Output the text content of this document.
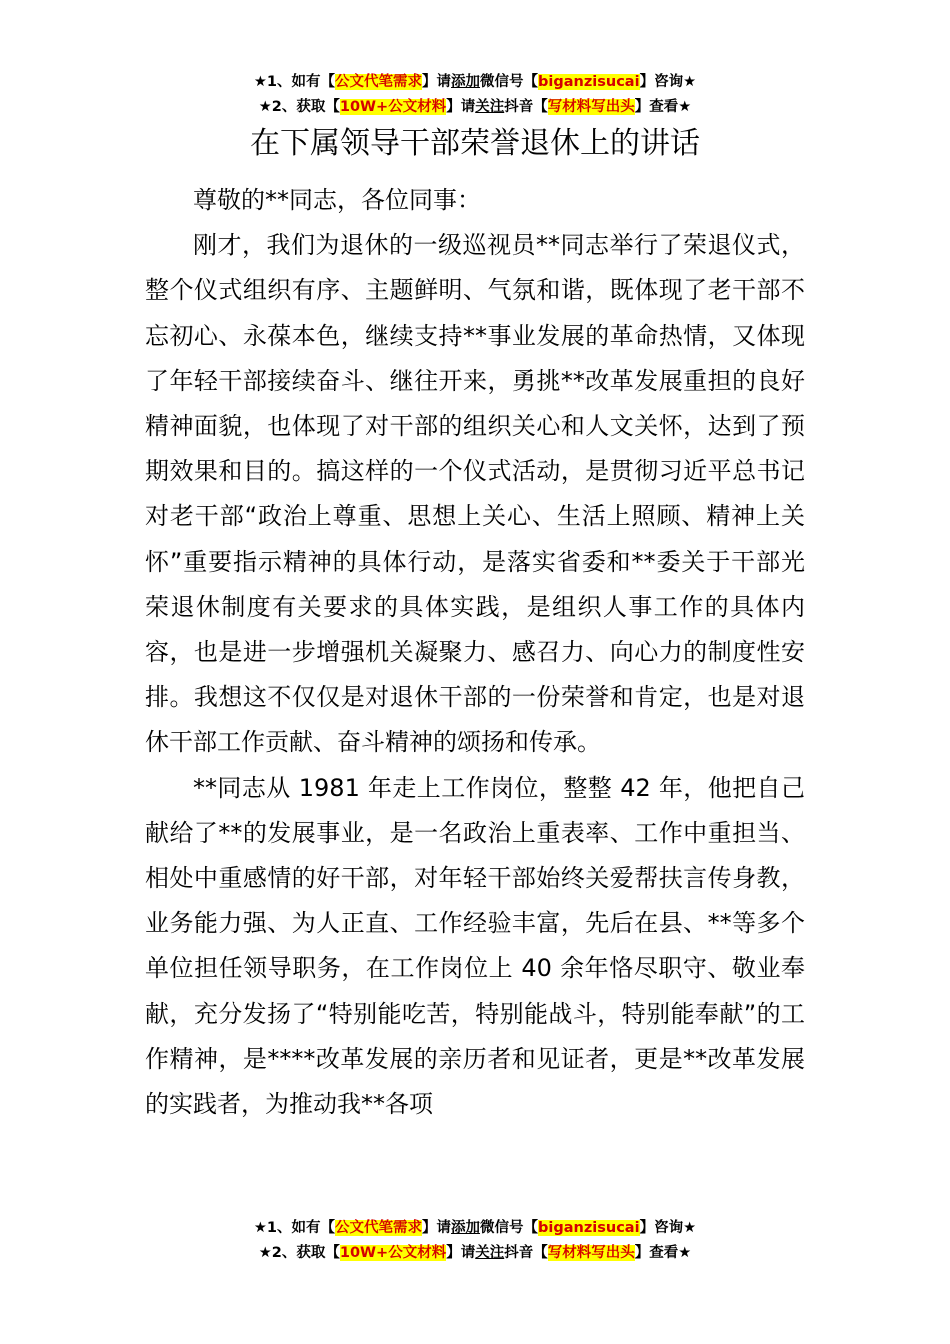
★1、如有【公文代笔需求】请添加微信号【biganzisucai】咨询★
★2、获取【10W+公文材料】请关注抖音【写材料写出头】查看★
在下属领导干部荣誉退休上的讲话

尊敬的**同志，各位同事：

刚才，我们为退休的一级巡视员**同志举行了荣退仪式，整个仪式组织有序、主题鲜明、气氛和谐，既体现了老干部不忘初心、永葆本色，继续支持**事业发展的革命热情，又体现了年轻干部接续奋斗、继往开来，勇挑**改革发展重担的良好精神面貌，也体现了对干部的组织关心和人文关怀，达到了预期效果和目的。搞这样的一个仪式活动，是贯彻习近平总书记对老干部“政治上尊重、思想上关心、生活上照顾、精神上关怀”重要指示精神的具体行动，是落实省委和**委关于干部光荣退休制度有关要求的具体实践，是组织人事工作的具体内容，也是进一步增强机关凝聚力、感召力、向心力的制度性安排。我想这不仅仅是对退休干部的一份荣誉和肯定，也是对退休干部工作贡献、奋斗精神的颂扬和传承。

**同志从 1981 年走上工作岗位，整整 42 年，他把自己献给了**的发展事业，是一名政治上重表率、工作中重担当、相处中重感情的好干部，对年轻干部始终关爱帮扶言传身教，业务能力强、为人正直、工作经验丰富，先后在县、**等多个单位担任领导职务，在工作岗位上 40 余年恪尽职守、敬业奉献，充分发扬了“特别能吃苦，特别能战斗，特别能奉献”的工作精神，是****改革发展的亲历者和见证者，更是**改革发展的实践者，为推动我**各项

★1、如有【公文代笔需求】请添加微信号【biganzisucai】咨询★
★2、获取【10W+公文材料】请关注抖音【写材料写出头】查看★
